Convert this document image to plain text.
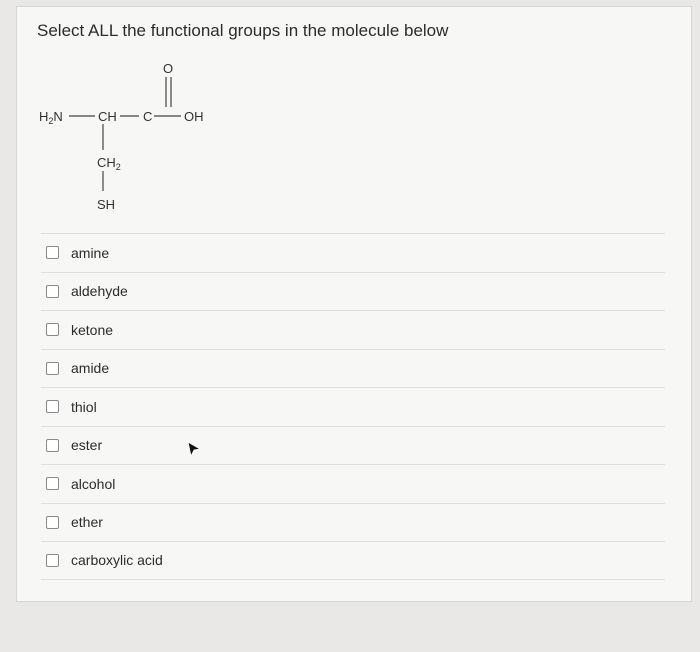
Select ALL the functional groups in the molecule below
O
$H_2N$	CH C OH
$CH_2$
SH
amine
aldehyde
ketone
amide
thiol
ester
alcohol
ether
carboxylic acid
